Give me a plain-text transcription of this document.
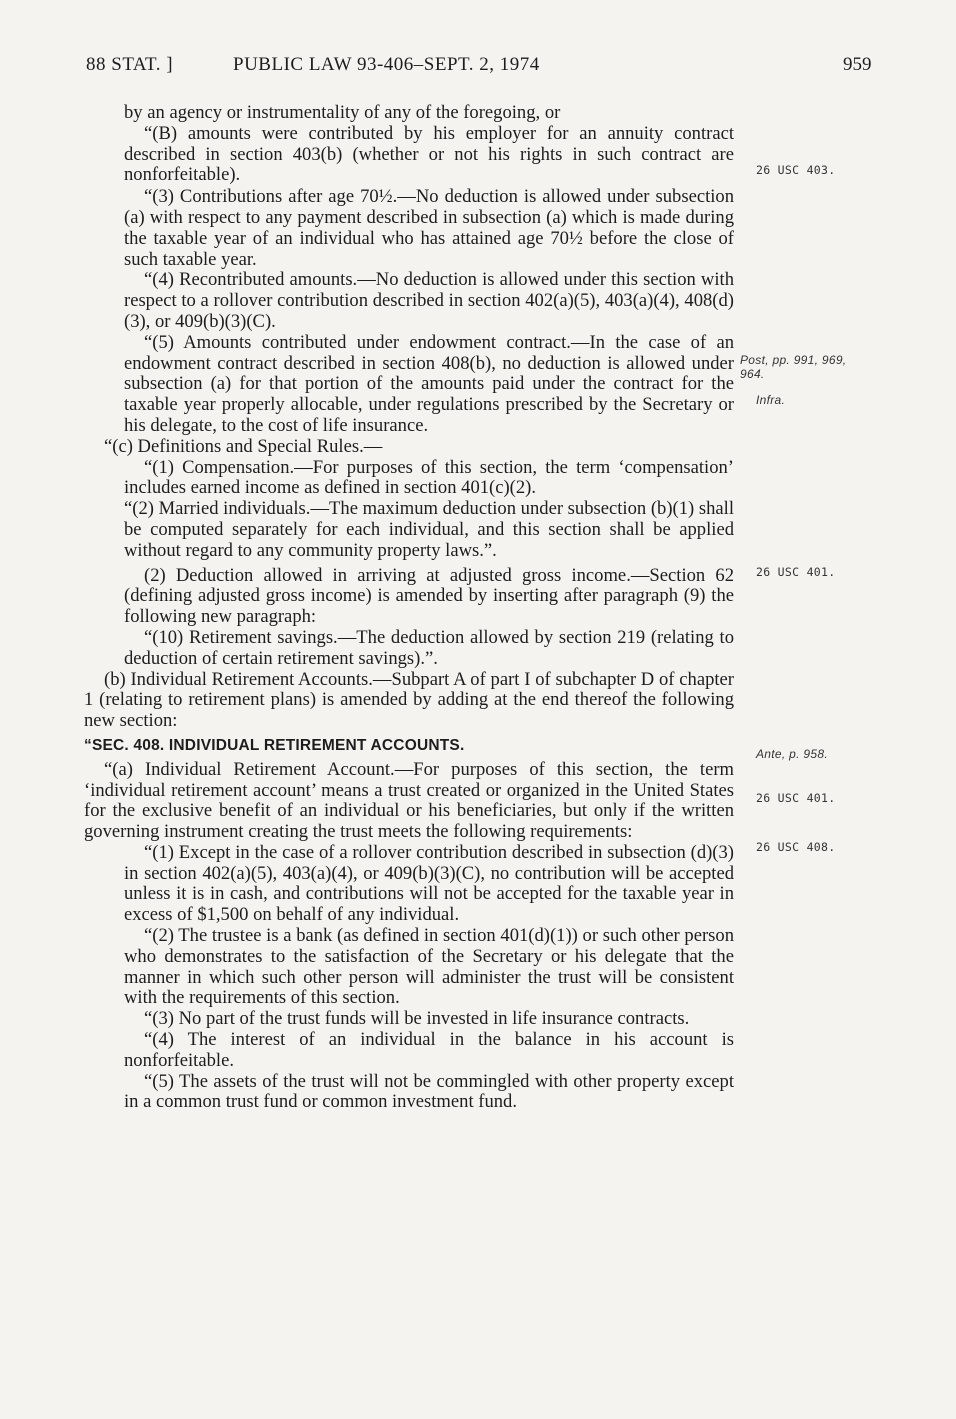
88 STAT. ]	PUBLIC LAW 93-406–SEPT. 2, 1974	959

by an agency or instrumentality of any of the foregoing, or

“(B) amounts were contributed by his employer for an annuity contract described in section 403(b) (whether or not his rights in such contract are nonforfeitable).

“(3) Contributions after age 70½.—No deduction is allowed under subsection (a) with respect to any payment described in subsection (a) which is made during the taxable year of an individual who has attained age 70½ before the close of such taxable year.

“(4) Recontributed amounts.—No deduction is allowed under this section with respect to a rollover contribution described in section 402(a)(5), 403(a)(4), 408(d)(3), or 409(b)(3)(C).

“(5) Amounts contributed under endowment contract.—In the case of an endowment contract described in section 408(b), no deduction is allowed under subsection (a) for that portion of the amounts paid under the contract for the taxable year properly allocable, under regulations prescribed by the Secretary or his delegate, to the cost of life insurance.

“(c) Definitions and Special Rules.—

“(1) Compensation.—For purposes of this section, the term ‘compensation’ includes earned income as defined in section 401(c)(2).

“(2) Married individuals.—The maximum deduction under subsection (b)(1) shall be computed separately for each individual, and this section shall be applied without regard to any community property laws.”.

(2) Deduction allowed in arriving at adjusted gross income.—Section 62 (defining adjusted gross income) is amended by inserting after paragraph (9) the following new paragraph:

“(10) Retirement savings.—The deduction allowed by section 219 (relating to deduction of certain retirement savings).”.

(b) Individual Retirement Accounts.—Subpart A of part I of subchapter D of chapter 1 (relating to retirement plans) is amended by adding at the end thereof the following new section:

“SEC. 408. INDIVIDUAL RETIREMENT ACCOUNTS.

“(a) Individual Retirement Account.—For purposes of this section, the term ‘individual retirement account’ means a trust created or organized in the United States for the exclusive benefit of an individual or his beneficiaries, but only if the written governing instrument creating the trust meets the following requirements:

“(1) Except in the case of a rollover contribution described in subsection (d)(3) in section 402(a)(5), 403(a)(4), or 409(b)(3)(C), no contribution will be accepted unless it is in cash, and contributions will not be accepted for the taxable year in excess of $1,500 on behalf of any individual.

“(2) The trustee is a bank (as defined in section 401(d)(1)) or such other person who demonstrates to the satisfaction of the Secretary or his delegate that the manner in which such other person will administer the trust will be consistent with the requirements of this section.

“(3) No part of the trust funds will be invested in life insurance contracts.

“(4) The interest of an individual in the balance in his account is nonforfeitable.

“(5) The assets of the trust will not be commingled with other property except in a common trust fund or common investment fund.

26 USC 403.
Post, pp. 991, 969, 964.
Infra.
26 USC 401.
Ante, p. 958.
26 USC 401.
26 USC 408.
